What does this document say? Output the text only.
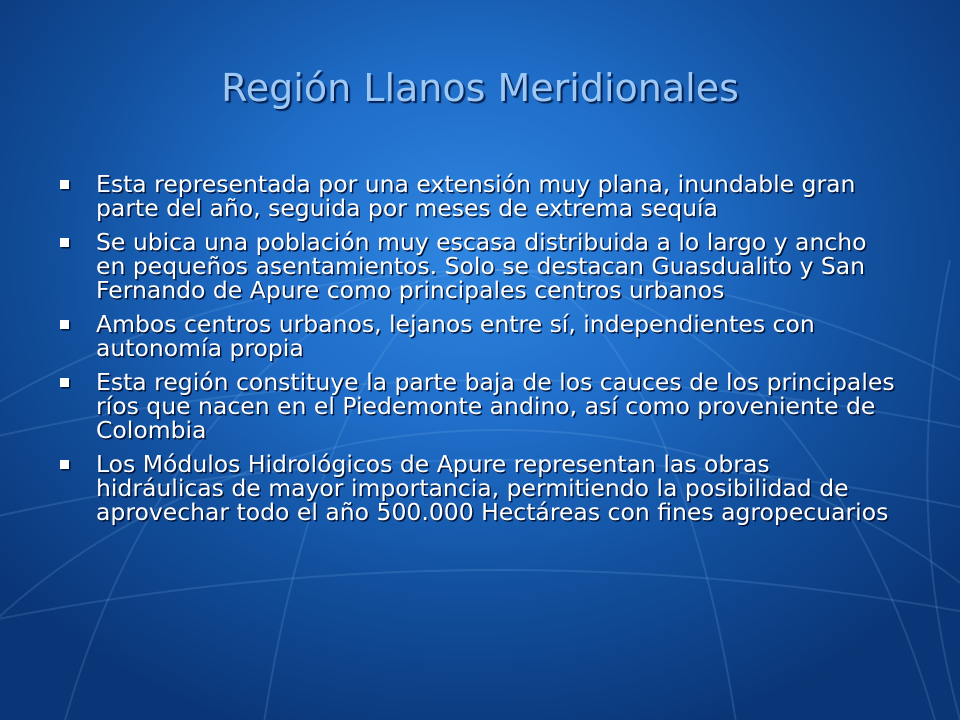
Región Llanos Meridionales
Esta representada por una extensión muy plana, inundable gran parte del año, seguida por meses de extrema sequía
Se ubica una población muy escasa distribuida a lo largo y ancho en pequeños asentamientos. Solo se destacan Guasdualito y San Fernando de Apure como principales centros urbanos
Ambos centros urbanos, lejanos entre sí, independientes con autonomía propia
Esta región constituye la parte baja de los cauces de los principales ríos que nacen en el Piedemonte andino, así como proveniente de Colombia
Los Módulos Hidrológicos de Apure representan las obras hidráulicas de mayor importancia, permitiendo la posibilidad de aprovechar todo el año 500.000 Hectáreas con fines agropecuarios
